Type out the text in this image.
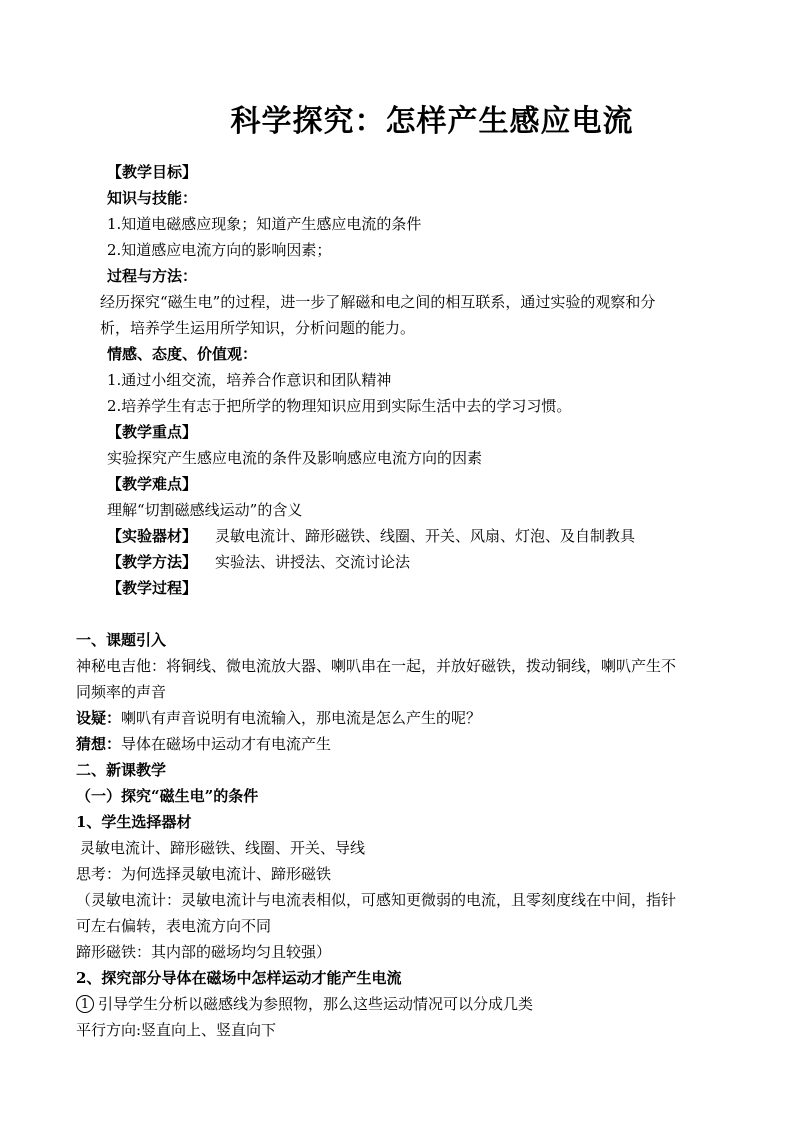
科学探究：怎样产生感应电流
【教学目标】
知识与技能：
1.知道电磁感应现象；知道产生感应电流的条件
2.知道感应电流方向的影响因素；
过程与方法：
经历探究“磁生电”的过程，进一步了解磁和电之间的相互联系，通过实验的观察和分
析，培养学生运用所学知识，分析问题的能力。
情感、态度、价值观：
1.通过小组交流，培养合作意识和团队精神
2.培养学生有志于把所学的物理知识应用到实际生活中去的学习习惯。
【教学重点】
实验探究产生感应电流的条件及影响感应电流方向的因素
【教学难点】
理解“切割磁感线运动”的含义
【实验器材】 灵敏电流计、蹄形磁铁、线圈、开关、风扇、灯泡、及自制教具
【教学方法】 实验法、讲授法、交流讨论法
【教学过程】
一、课题引入
神秘电吉他：将铜线、微电流放大器、喇叭串在一起，并放好磁铁，拨动铜线，喇叭产生不
同频率的声音
设疑：喇叭有声音说明有电流输入，那电流是怎么产生的呢？
猜想：导体在磁场中运动才有电流产生
二、新课教学
（一）探究“磁生电”的条件
1、学生选择器材
灵敏电流计、蹄形磁铁、线圈、开关、导线
思考：为何选择灵敏电流计、蹄形磁铁
（灵敏电流计：灵敏电流计与电流表相似，可感知更微弱的电流，且零刻度线在中间，指针
可左右偏转，表电流方向不同
蹄形磁铁：其内部的磁场均匀且较强）
2、探究部分导体在磁场中怎样运动才能产生电流
1 引导学生分析以磁感线为参照物，那么这些运动情况可以分成几类
平行方向:竖直向上、竖直向下
